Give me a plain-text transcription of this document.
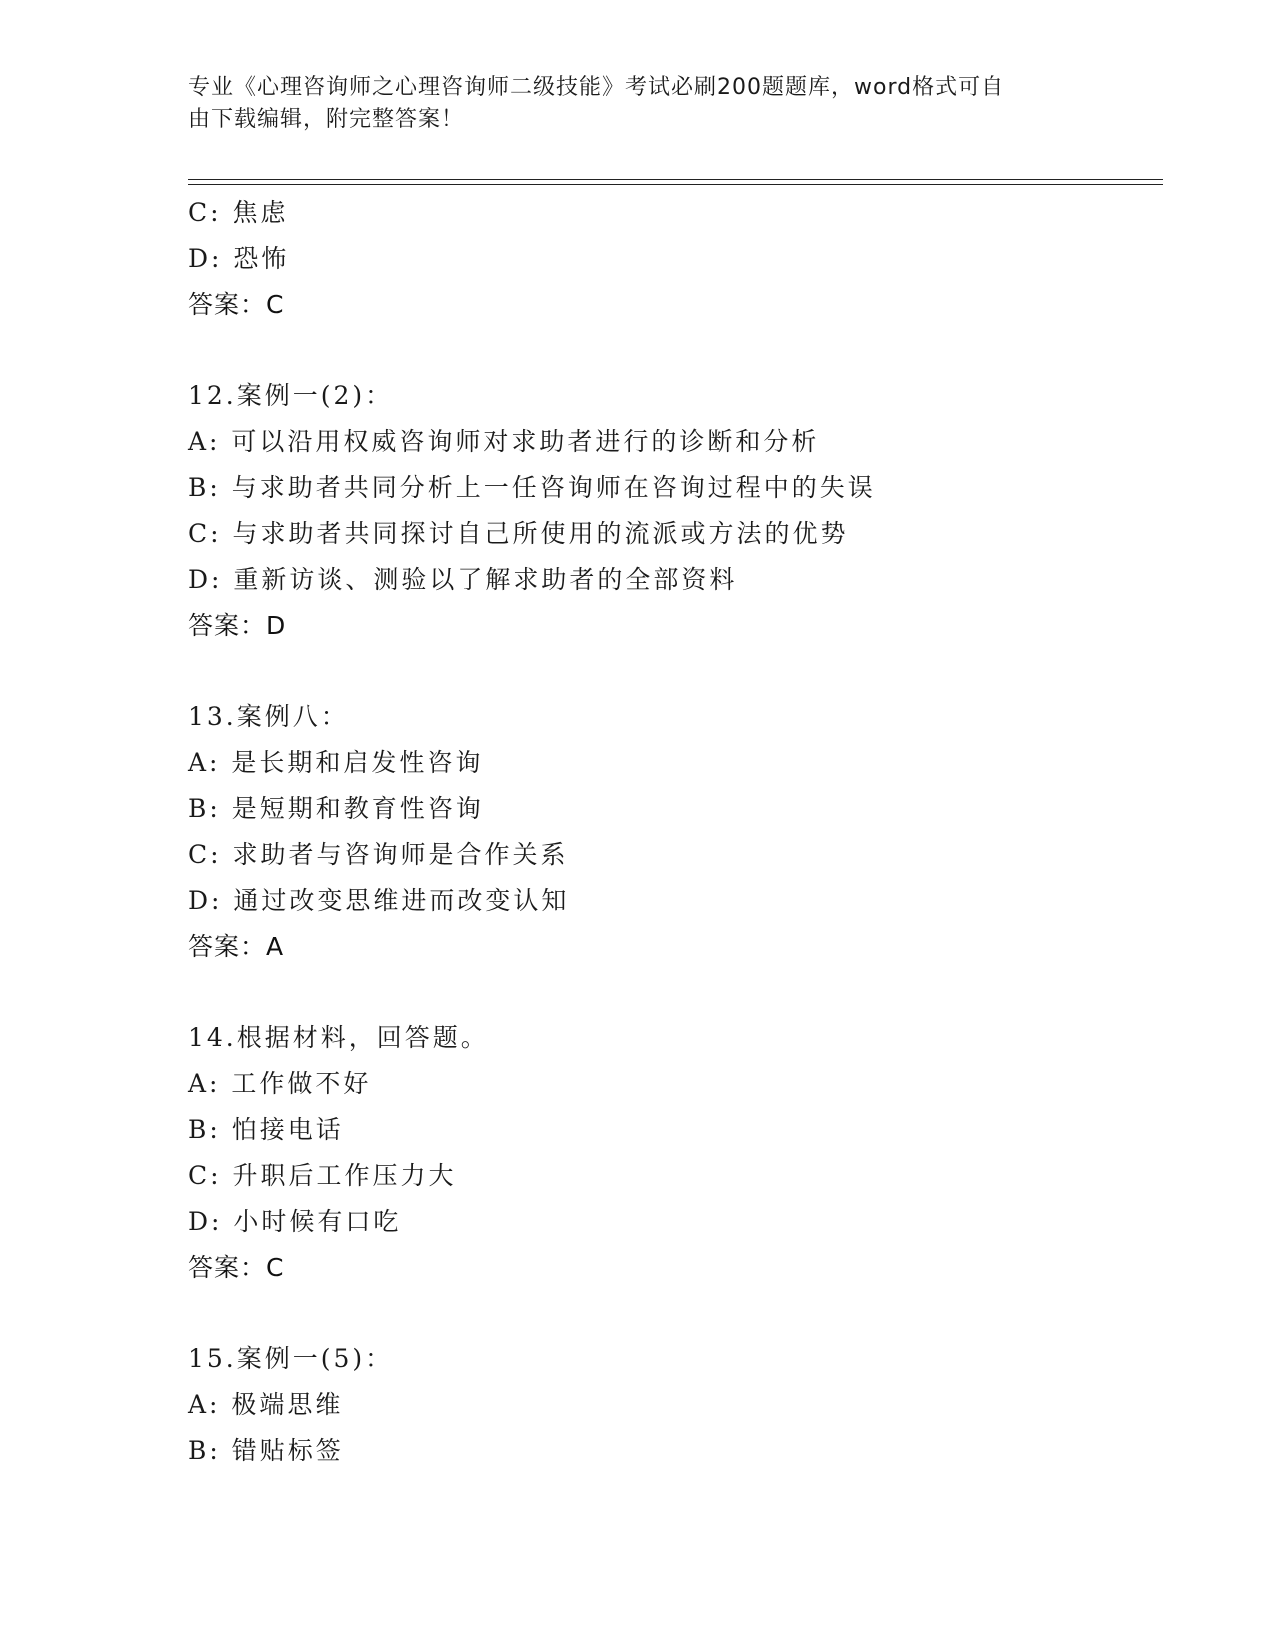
专业《心理咨询师之心理咨询师二级技能》考试必刷200题题库，word格式可自
由下载编辑，附完整答案！
C: 焦虑
D: 恐怖
答案：C
12.案例一(2)：
A: 可以沿用权威咨询师对求助者进行的诊断和分析
B: 与求助者共同分析上一任咨询师在咨询过程中的失误
C: 与求助者共同探讨自己所使用的流派或方法的优势
D: 重新访谈、测验以了解求助者的全部资料
答案：D
13.案例八：
A: 是长期和启发性咨询
B: 是短期和教育性咨询
C: 求助者与咨询师是合作关系
D: 通过改变思维进而改变认知
答案：A
14.根据材料，回答题。
A: 工作做不好
B: 怕接电话
C: 升职后工作压力大
D: 小时候有口吃
答案：C
15.案例一(5)：
A: 极端思维
B: 错贴标签
